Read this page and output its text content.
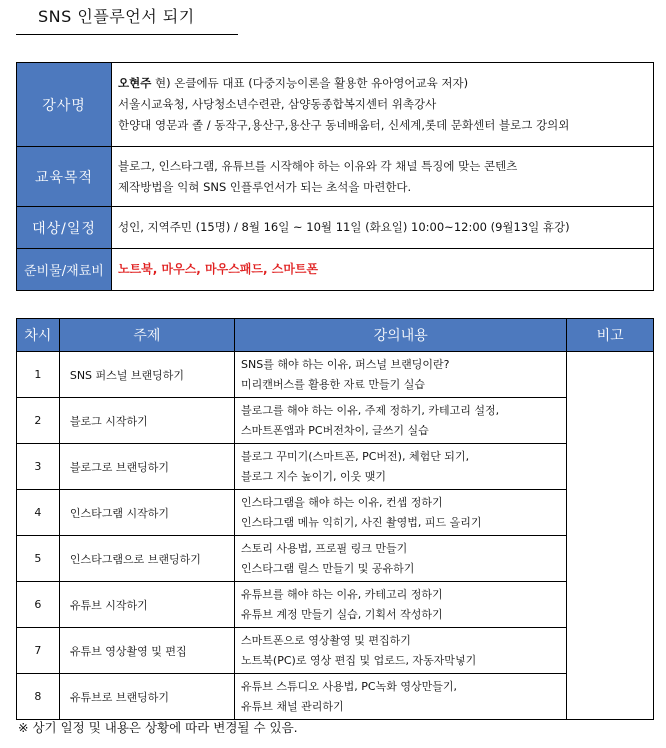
SNS 인플루언서 되기
강사명	오현주 현) 온클에듀 대표 (다중지능이론을 활용한 유아영어교육 저자)
서울시교육청, 사당청소년수련관, 삼양동종합복지센터 위촉강사
한양대 영문과 졸 / 동작구,용산구,용산구 동네배움터, 신세계,롯데 문화센터 블로그 강의외

교육목적	블로그, 인스타그램, 유튜브를 시작해야 하는 이유와 각 채널 특징에 맞는 콘텐츠
제작방법을 익혀 SNS 인플루언서가 되는 초석을 마련한다.

대상/일정	성인, 지역주민 (15명) / 8월 16일 ~ 10월 11일 (화요일) 10:00~12:00 (9월13일 휴강)
준비물/재료비	노트북, 마우스, 마우스패드, 스마트폰
차시	주제	강의내용	비고
1	SNS 퍼스널 브랜딩하기	SNS를 해야 하는 이유, 퍼스널 브랜딩이란?
미리캔버스를 활용한 자료 만들기 실습	

2	블로그 시작하기	블로그를 해야 하는 이유, 주제 정하기, 카테고리 설정,
스마트폰앱과 PC버전차이, 글쓰기 실습	

3	블로그로 브랜딩하기	블로그 꾸미기(스마트폰, PC버전), 체험단 되기,
블로그 지수 높이기, 이웃 맺기	

4	인스타그램 시작하기	인스타그램을 해야 하는 이유, 컨셉 정하기
인스타그램 메뉴 익히기, 사진 촬영법, 피드 올리기	

5	인스타그램으로 브랜딩하기	스토리 사용법, 프로필 링크 만들기
인스타그램 릴스 만들기 및 공유하기	

6	유튜브 시작하기	유튜브를 해야 하는 이유, 카테고리 정하기
유튜브 계정 만들기 실습, 기획서 작성하기	

7	유튜브 영상촬영 및 편집	스마트폰으로 영상촬영 및 편집하기
노트북(PC)로 영상 편집 및 업로드, 자동자막넣기	

8	유튜브로 브랜딩하기	유튜브 스튜디오 사용법, PC녹화 영상만들기,
유튜브 채널 관리하기	
※ 상기 일정 및 내용은 상황에 따라 변경될 수 있음.
